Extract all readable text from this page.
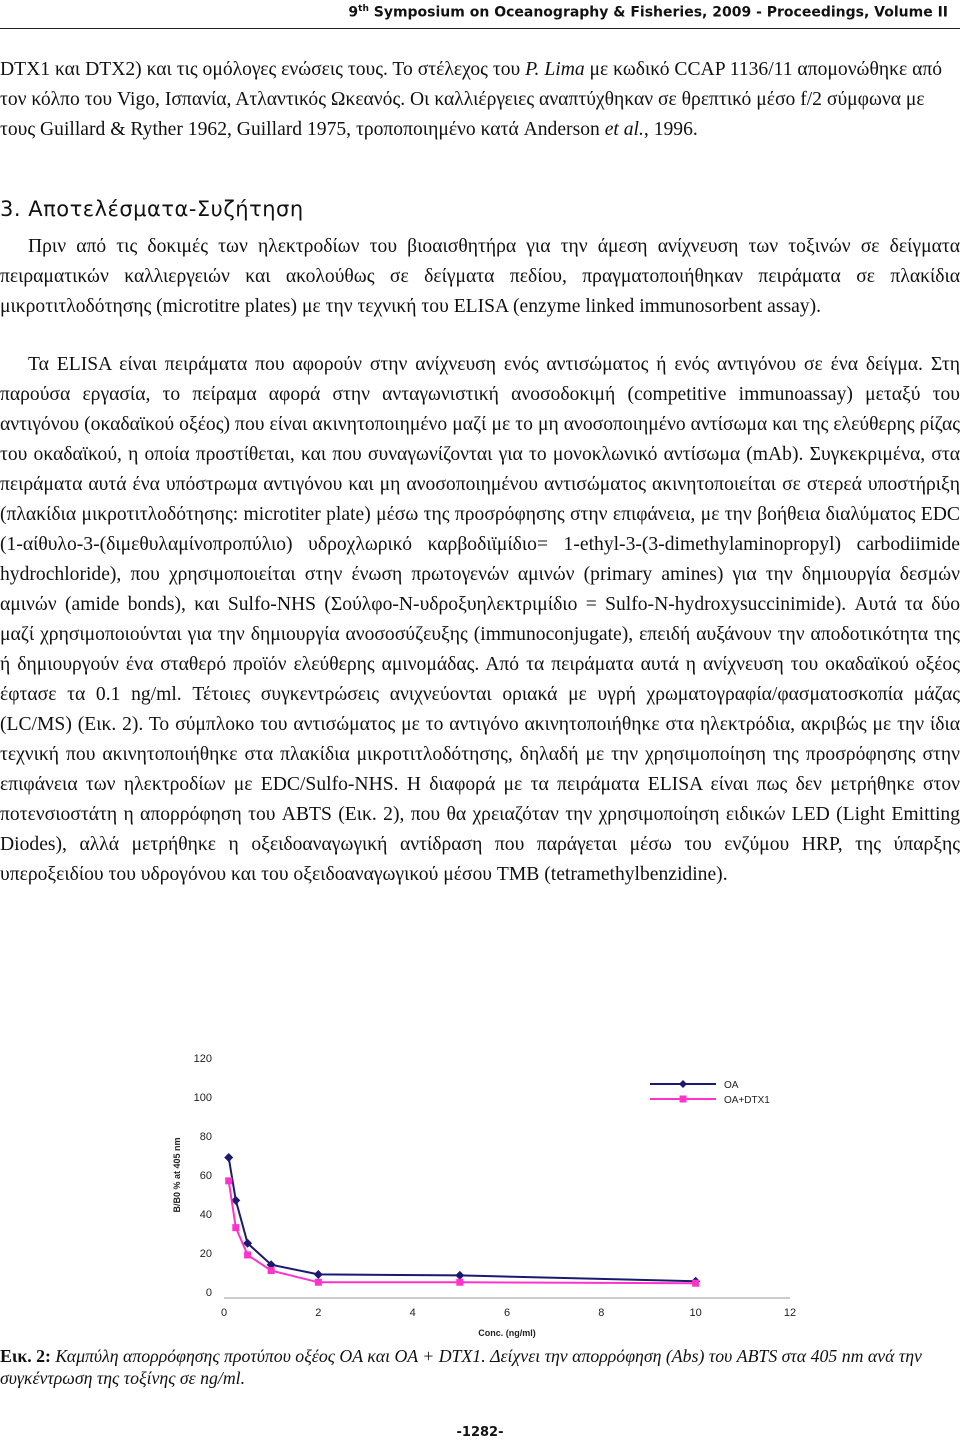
9th Symposium on Oceanography & Fisheries, 2009 - Proceedings, Volume II

DTX1 και DTX2) και τις ομόλογες ενώσεις τους. Το στέλεχος του P. Lima με κωδικό CCAP 1136/11 απομονώθηκε από τον κόλπο του Vigo, Ισπανία, Ατλαντικός Ωκεανός. Οι καλλιέργειες αναπτύχθηκαν σε θρεπτικό μέσο f/2 σύμφωνα με τους Guillard & Ryther 1962, Guillard 1975, τροποποιημένο κατά Anderson et al., 1996.

3. Αποτελέσματα-Συζήτηση

Πριν από τις δοκιμές των ηλεκτροδίων του βιοαισθητήρα για την άμεση ανίχνευση των τοξινών σε δείγματα πειραματικών καλλιεργειών και ακολούθως σε δείγματα πεδίου, πραγματοποιήθηκαν πειράματα σε πλακίδια μικροτιτλοδότησης (microtitre plates) με την τεχνική του ELISA (enzyme linked immunosorbent assay).

Τα ELISA είναι πειράματα που αφορούν στην ανίχνευση ενός αντισώματος ή ενός αντιγόνου σε ένα δείγμα. Στη παρούσα εργασία, το πείραμα αφορά στην ανταγωνιστική ανοσοδοκιμή (competitive immunoassay) μεταξύ του αντιγόνου (οκαδαϊκού οξέος) που είναι ακινητοποιημένο μαζί με το μη ανοσοποιημένο αντίσωμα και της ελεύθερης ρίζας του οκαδαϊκού, η οποία προστίθεται, και που συναγωνίζονται για το μονοκλωνικό αντίσωμα (mAb). Συγκεκριμένα, στα πειράματα αυτά ένα υπόστρωμα αντιγόνου και μη ανοσοποιημένου αντισώματος ακινητοποιείται σε στερεά υποστήριξη (πλακίδια μικροτιτλοδότησης: microtiter plate) μέσω της προσρόφησης στην επιφάνεια, με την βοήθεια διαλύματος EDC (1-αίθυλο-3-(διμεθυλαμίνοπροπύλιο) υδροχλωρικό καρβοδιϊμίδιο= 1-ethyl-3-(3-dimethylaminopropyl) carbodiimide hydrochloride), που χρησιμοποιείται στην ένωση πρωτογενών αμινών (primary amines) για την δημιουργία δεσμών αμινών (amide bonds), και Sulfo-NHS (Σούλφο-N-υδροξυηλεκτριμίδιο = Sulfo-N-hydroxysuccinimide). Αυτά τα δύο μαζί χρησιμοποιούνται για την δημιουργία ανοσοσύζευξης (immunoconjugate), επειδή αυξάνουν την αποδοτικότητα της ή δημιουργούν ένα σταθερό προϊόν ελεύθερης αμινομάδας. Από τα πειράματα αυτά η ανίχνευση του οκαδαϊκού οξέος έφτασε τα 0.1 ng/ml. Τέτοιες συγκεντρώσεις ανιχνεύονται οριακά με υγρή χρωματογραφία/φασματοσκοπία μάζας (LC/MS) (Εικ. 2). Το σύμπλοκο του αντισώματος με το αντιγόνο ακινητοποιήθηκε στα ηλεκτρόδια, ακριβώς με την ίδια τεχνική που ακινητοποιήθηκε στα πλακίδια μικροτιτλοδότησης, δηλαδή με την χρησιμοποίηση της προσρόφησης στην επιφάνεια των ηλεκτροδίων με EDC/Sulfo-NHS. Η διαφορά με τα πειράματα ELISA είναι πως δεν μετρήθηκε στον ποτενσιοστάτη η απορρόφηση του ABTS (Εικ. 2), που θα χρειαζόταν την χρησιμοποίηση ειδικών LED (Light Emitting Diodes), αλλά μετρήθηκε η οξειδοαναγωγική αντίδραση που παράγεται μέσω του ενζύμου HRP, της ύπαρξης υπεροξειδίου του υδρογόνου και του οξειδοαναγωγικού μέσου TMB (tetramethylbenzidine).

0
20
40
60
80
100
120
0	2	4	6	8	10	12
Conc. (ng/ml)
B/B0 % at 405 nm
OA
OA+DTX1

Εικ. 2: Καμπύλη απορρόφησης προτύπου οξέος OA και OA + DTX1. Δείχνει την απορρόφηση (Abs) του ABTS στα 405 nm ανά την συγκέντρωση της τοξίνης σε ng/ml.

-1282-
